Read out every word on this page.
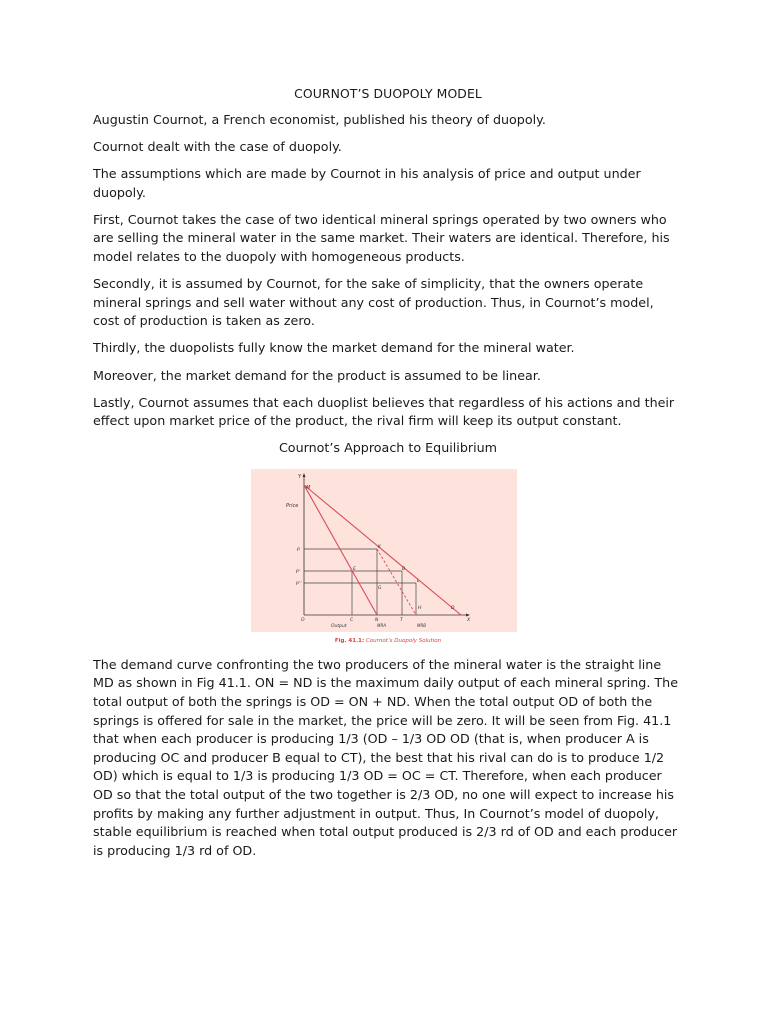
COURNOT’S DUOPOLY MODEL

Augustin Cournot, a French economist, published his theory of duopoly.

Cournot dealt with the case of duopoly.

The assumptions which are made by Cournot in his analysis of price and output under duopoly.

First, Cournot takes the case of two identical mineral springs operated by two owners who are selling the mineral water in the same market. Their waters are identical. Therefore, his model relates to the duopoly with homogeneous products.

Secondly, it is assumed by Cournot, for the sake of simplicity, that the owners operate mineral springs and sell water without any cost of production. Thus, in Cournot’s model, cost of production is taken as zero.

Thirdly, the duopolists fully know the market demand for the mineral water.

Moreover, the market demand for the product is assumed to be linear.

Lastly, Cournot assumes that each duoplist believes that regardless of his actions and their effect upon market price of the product, the rival firm will keep its output constant.

Cournot’s Approach to Equilibrium
Y
M
Price
P
P’
P’’
K
E	B
L
G
H	D
X
O	C	N	T
Output	MRA	MRB
Fig. 41.1: Cournot’s Duopoly Solution

The demand curve confronting the two producers of the mineral water is the straight line MD as shown in Fig 41.1. ON = ND is the maximum daily output of each mineral spring. The total output of both the springs is OD = ON + ND. When the total output OD of both the springs is offered for sale in the market, the price will be zero. It will be seen from Fig. 41.1 that when each producer is producing 1/3 (OD – 1/3 OD OD (that is, when producer A is producing OC and producer B equal to CT), the best that his rival can do is to produce 1/2 OD) which is equal to 1/3 is producing 1/3 OD = OC = CT. Therefore, when each producer OD so that the total output of the two together is 2/3 OD, no one will expect to increase his profits by making any further adjustment in output. Thus, In Cournot’s model of duopoly, stable equilibrium is reached when total output produced is 2/3 rd of OD and each producer is producing 1/3 rd of OD.
